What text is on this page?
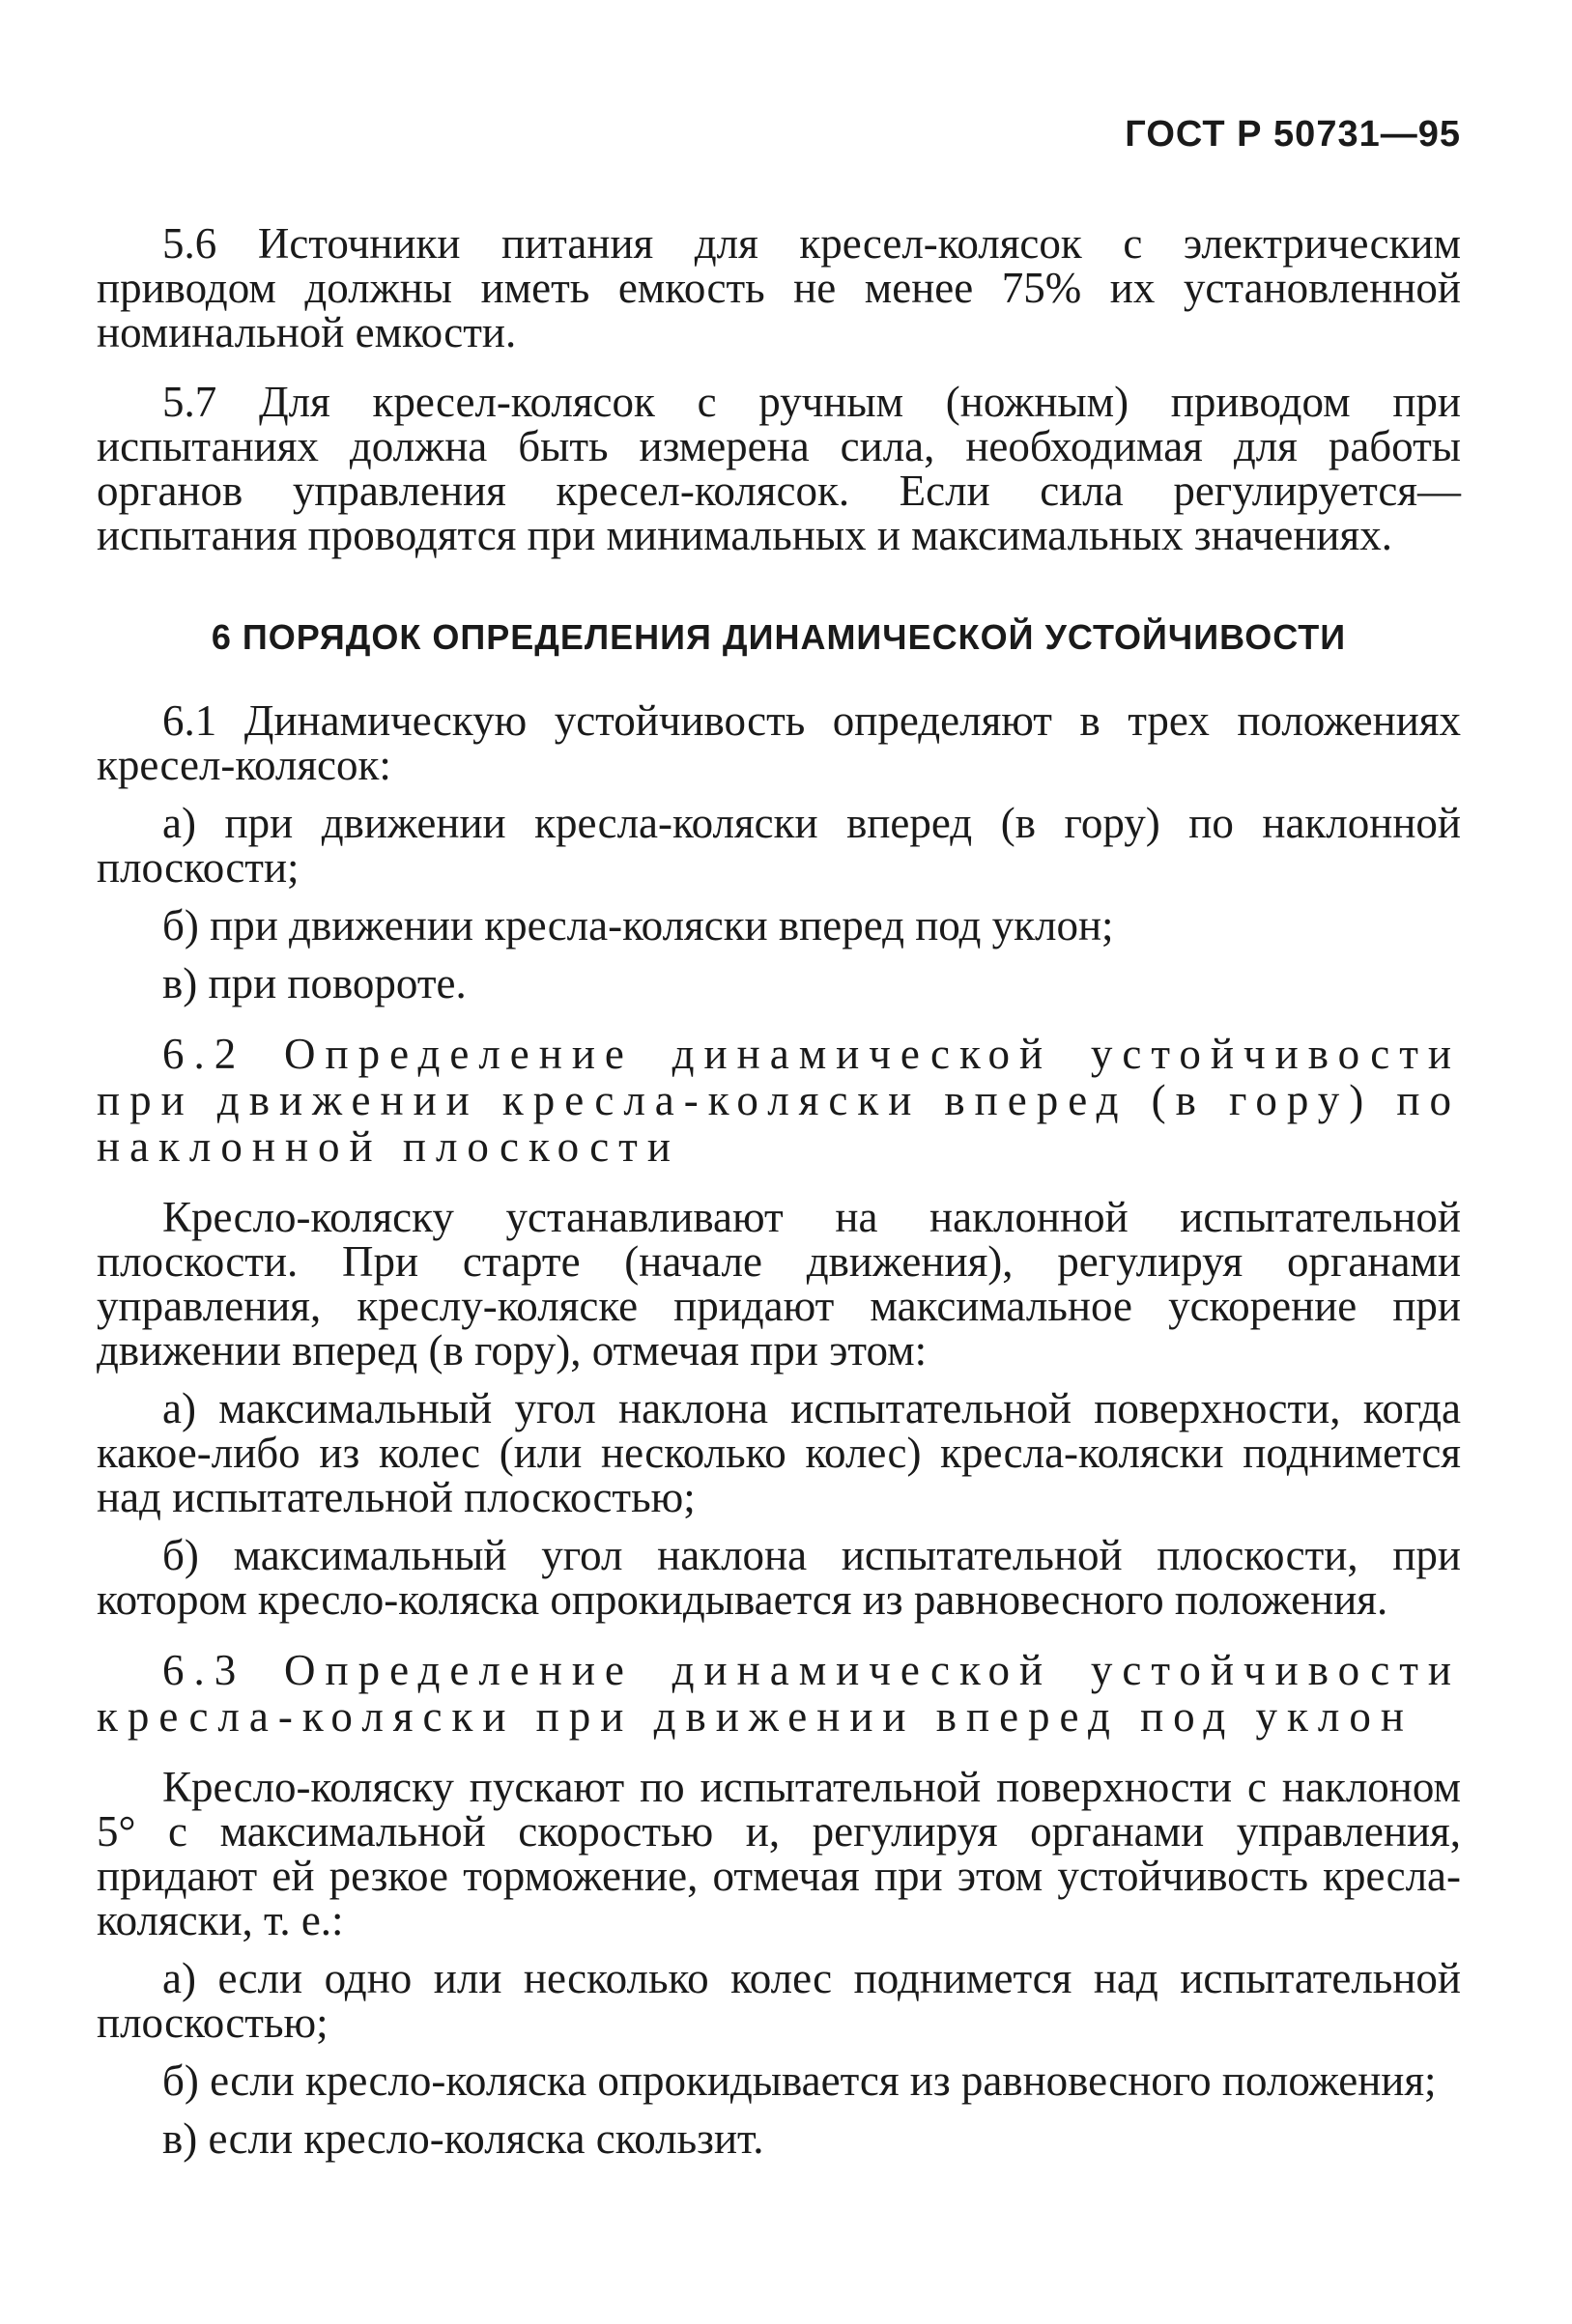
ГОСТ Р 50731—95

5.6 Источники питания для кресел-колясок с электрическим приводом должны иметь емкость не менее 75% их установленной номинальной емкости.

5.7 Для кресел-колясок с ручным (ножным) приводом при испытаниях должна быть измерена сила, необходимая для работы органов управления кресел-колясок. Если сила регулируется— испытания проводятся при минимальных и максимальных значениях.

6 ПОРЯДОК ОПРЕДЕЛЕНИЯ ДИНАМИЧЕСКОЙ УСТОЙЧИВОСТИ

6.1 Динамическую устойчивость определяют в трех положениях кресел-колясок:

а) при движении кресла-коляски вперед (в гору) по наклонной плоскости;

б) при движении кресла-коляски вперед под уклон;

в) при повороте.

6.2 Определение динамической устойчивости при движении кресла-коляски вперед (в гору) по наклонной плоскости

Кресло-коляску устанавливают на наклонной испытательной плоскости. При старте (начале движения), регулируя органами управления, креслу-коляске придают максимальное ускорение при движении вперед (в гору), отмечая при этом:

а) максимальный угол наклона испытательной поверхности, когда какое-либо из колес (или несколько колес) кресла-коляски поднимется над испытательной плоскостью;

б) максимальный угол наклона испытательной плоскости, при котором кресло-коляска опрокидывается из равновесного положения.

6.3 Определение динамической устойчивости кресла-коляски при движении вперед под уклон

Кресло-коляску пускают по испытательной поверхности с наклоном 5° с максимальной скоростью и, регулируя органами управления, придают ей резкое торможение, отмечая при этом устойчивость кресла-коляски, т. е.:

а) если одно или несколько колес поднимется над испытательной плоскостью;

б) если кресло-коляска опрокидывается из равновесного положения;

в) если кресло-коляска скользит.
